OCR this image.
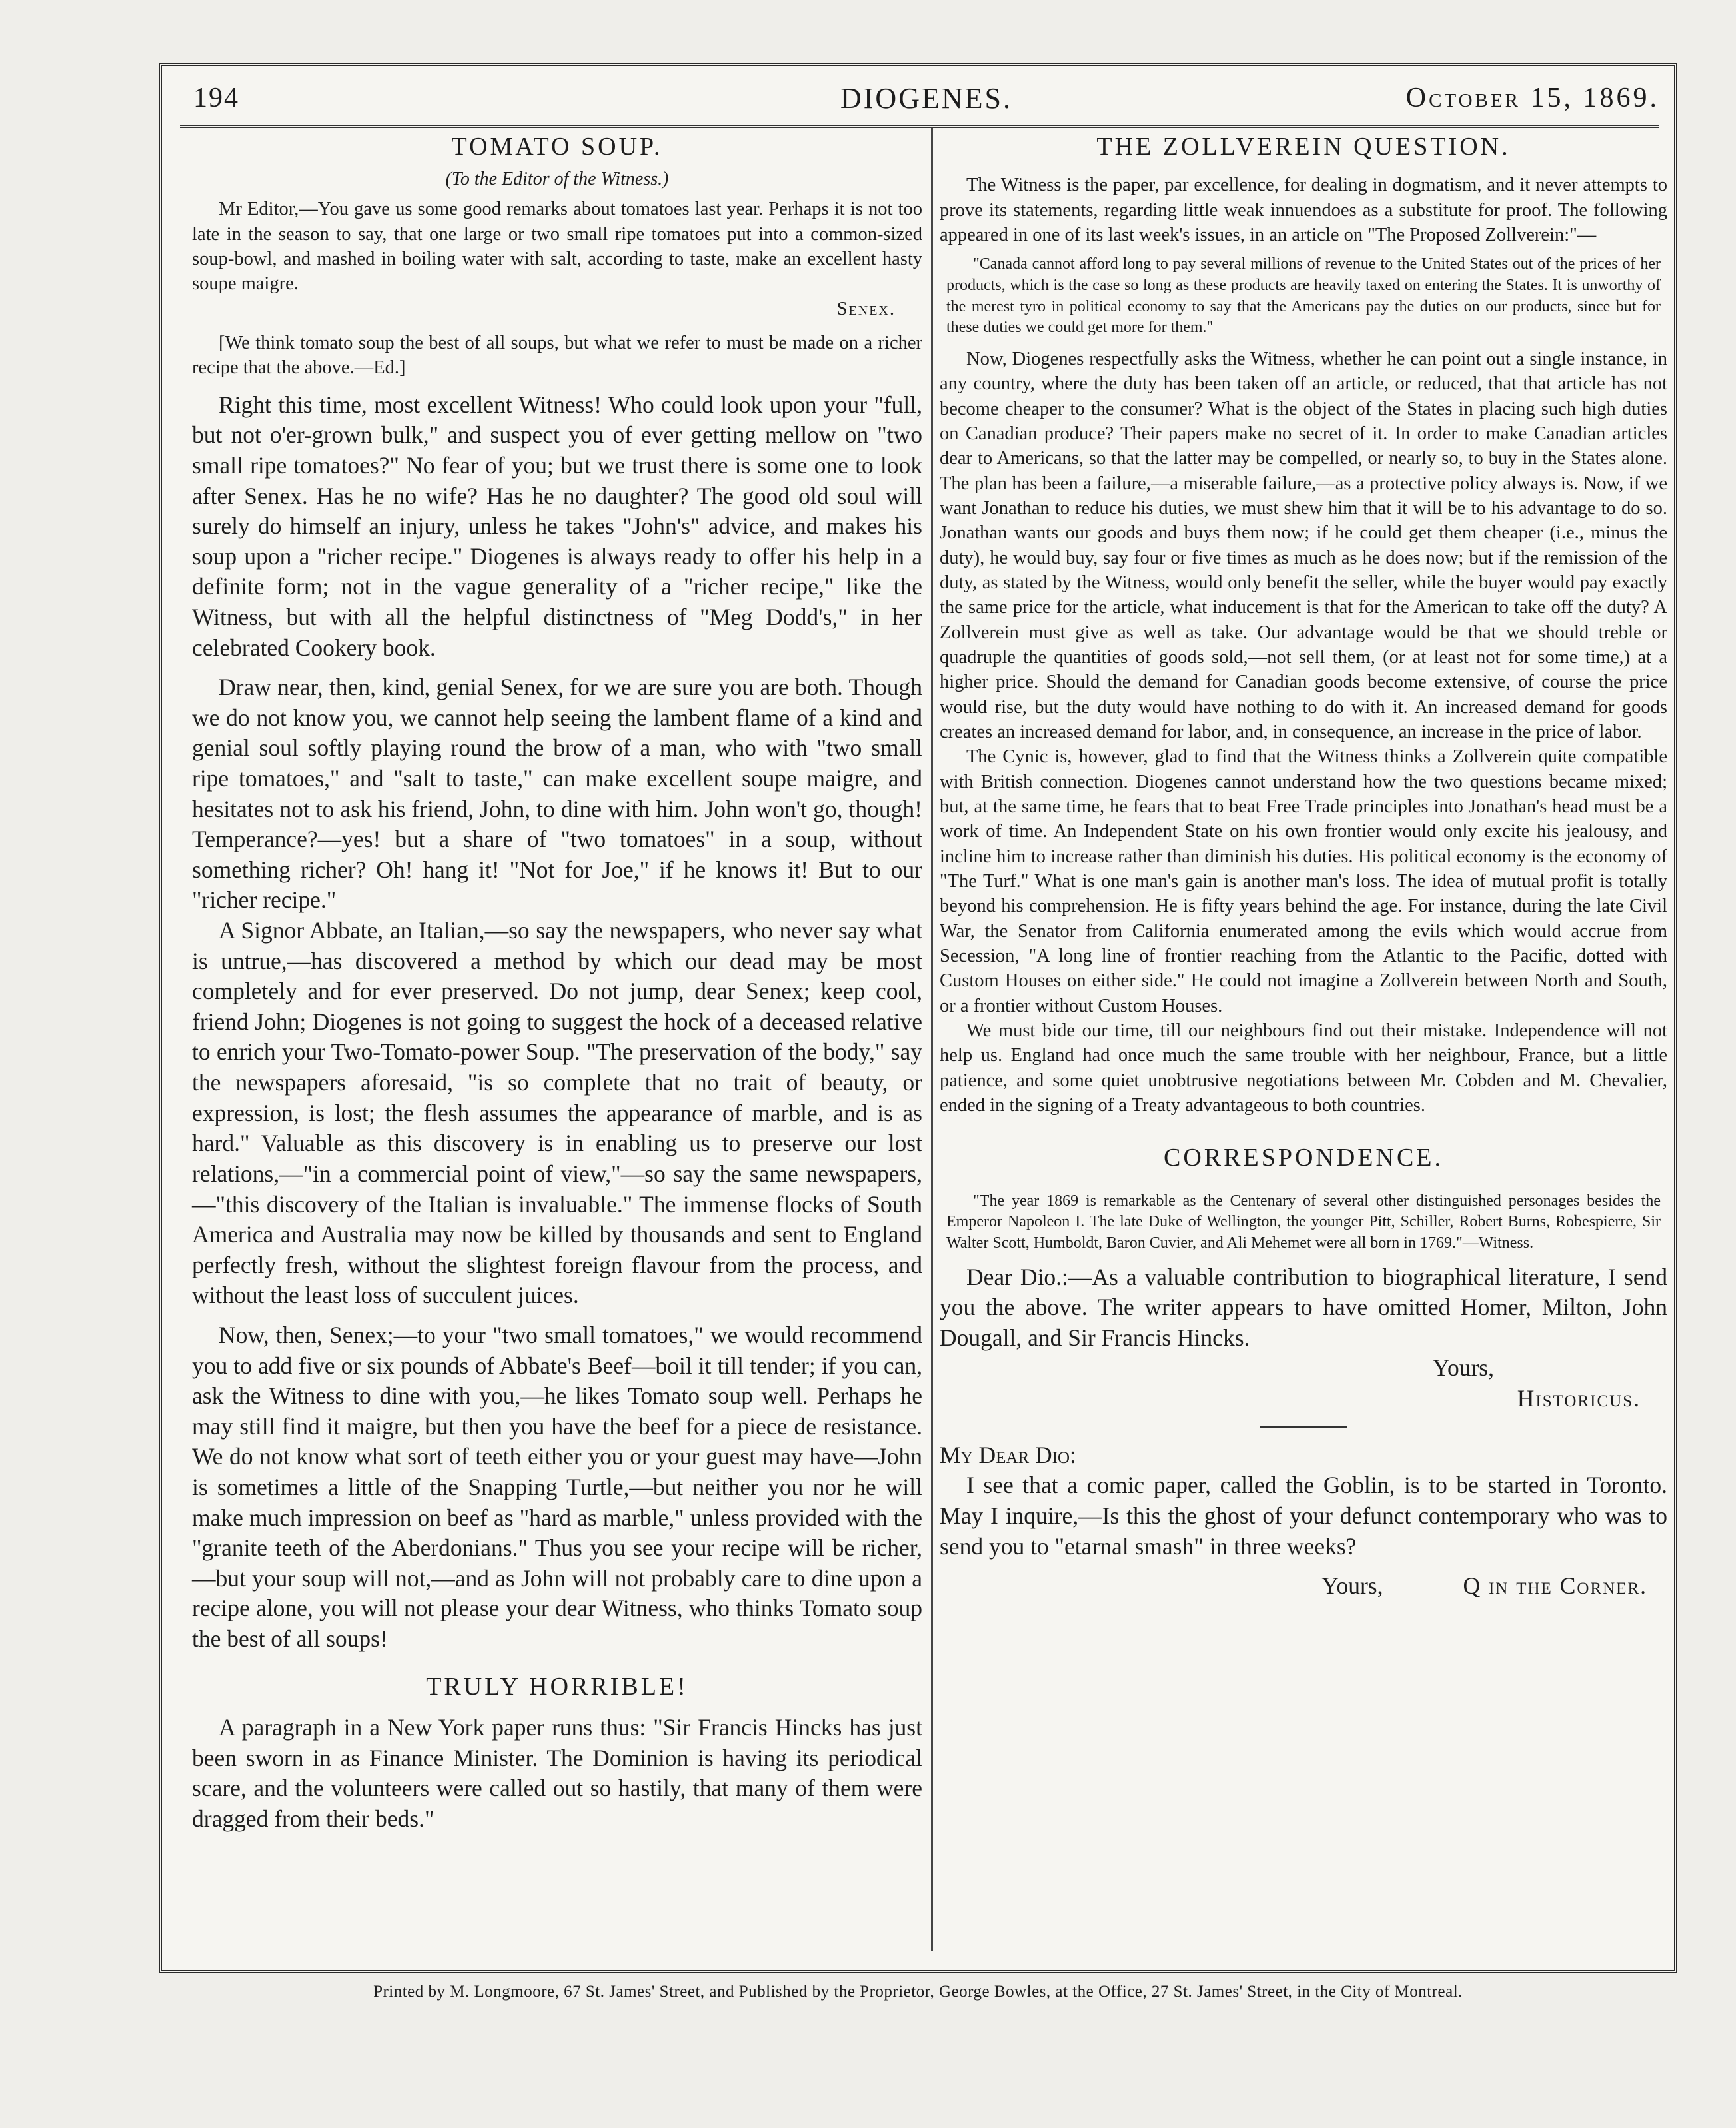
194	DIOGENES.	October 15, 1869.
TOMATO SOUP.
(To the Editor of the Witness.)

Mr Editor,—You gave us some good remarks about tomatoes last year. Perhaps it is not too late in the season to say, that one large or two small ripe tomatoes put into a common-sized soup-bowl, and mashed in boiling water with salt, according to taste, make an excellent hasty soupe maigre.

Senex.

[We think tomato soup the best of all soups, but what we refer to must be made on a richer recipe that the above.—Ed.]

Right this time, most excellent Witness! Who could look upon your "full, but not o'er-grown bulk," and suspect you of ever getting mellow on "two small ripe tomatoes?" No fear of you; but we trust there is some one to look after Senex. Has he no wife? Has he no daughter? The good old soul will surely do himself an injury, unless he takes "John's" advice, and makes his soup upon a "richer recipe." Diogenes is always ready to offer his help in a definite form; not in the vague generality of a "richer recipe," like the Witness, but with all the helpful distinctness of "Meg Dodd's," in her celebrated Cookery book.

Draw near, then, kind, genial Senex, for we are sure you are both. Though we do not know you, we cannot help seeing the lambent flame of a kind and genial soul softly playing round the brow of a man, who with "two small ripe tomatoes," and "salt to taste," can make excellent soupe maigre, and hesitates not to ask his friend, John, to dine with him. John won't go, though! Temperance?—yes! but a share of "two tomatoes" in a soup, without something richer? Oh! hang it! "Not for Joe," if he knows it! But to our "richer recipe."

A Signor Abbate, an Italian,—so say the newspapers, who never say what is untrue,—has discovered a method by which our dead may be most completely and for ever preserved. Do not jump, dear Senex; keep cool, friend John; Diogenes is not going to suggest the hock of a deceased relative to enrich your Two-Tomato-power Soup. "The preservation of the body," say the newspapers aforesaid, "is so complete that no trait of beauty, or expression, is lost; the flesh assumes the appearance of marble, and is as hard." Valuable as this discovery is in enabling us to preserve our lost relations,—"in a commercial point of view,"—so say the same newspapers,—"this discovery of the Italian is invaluable." The immense flocks of South America and Australia may now be killed by thousands and sent to England perfectly fresh, without the slightest foreign flavour from the process, and without the least loss of succulent juices.

Now, then, Senex;—to your "two small tomatoes," we would recommend you to add five or six pounds of Abbate's Beef—boil it till tender; if you can, ask the Witness to dine with you,—he likes Tomato soup well. Perhaps he may still find it maigre, but then you have the beef for a piece de resistance. We do not know what sort of teeth either you or your guest may have—John is sometimes a little of the Snapping Turtle,—but neither you nor he will make much impression on beef as "hard as marble," unless provided with the "granite teeth of the Aberdonians." Thus you see your recipe will be richer,—but your soup will not,—and as John will not probably care to dine upon a recipe alone, you will not please your dear Witness, who thinks Tomato soup the best of all soups!

TRULY HORRIBLE!

A paragraph in a New York paper runs thus: "Sir Francis Hincks has just been sworn in as Finance Minister. The Dominion is having its periodical scare, and the volunteers were called out so hastily, that many of them were dragged from their beds."

THE ZOLLVEREIN QUESTION.

The Witness is the paper, par excellence, for dealing in dogmatism, and it never attempts to prove its statements, regarding little weak innuendoes as a substitute for proof. The following appeared in one of its last week's issues, in an article on "The Proposed Zollverein:"—

"Canada cannot afford long to pay several millions of revenue to the United States out of the prices of her products, which is the case so long as these products are heavily taxed on entering the States. It is unworthy of the merest tyro in political economy to say that the Americans pay the duties on our products, since but for these duties we could get more for them."

Now, Diogenes respectfully asks the Witness, whether he can point out a single instance, in any country, where the duty has been taken off an article, or reduced, that that article has not become cheaper to the consumer? What is the object of the States in placing such high duties on Canadian produce? Their papers make no secret of it. In order to make Canadian articles dear to Americans, so that the latter may be compelled, or nearly so, to buy in the States alone. The plan has been a failure,—a miserable failure,—as a protective policy always is. Now, if we want Jonathan to reduce his duties, we must shew him that it will be to his advantage to do so. Jonathan wants our goods and buys them now; if he could get them cheaper (i.e., minus the duty), he would buy, say four or five times as much as he does now; but if the remission of the duty, as stated by the Witness, would only benefit the seller, while the buyer would pay exactly the same price for the article, what inducement is that for the American to take off the duty? A Zollverein must give as well as take. Our advantage would be that we should treble or quadruple the quantities of goods sold,—not sell them, (or at least not for some time,) at a higher price. Should the demand for Canadian goods become extensive, of course the price would rise, but the duty would have nothing to do with it. An increased demand for goods creates an increased demand for labor, and, in consequence, an increase in the price of labor.

The Cynic is, however, glad to find that the Witness thinks a Zollverein quite compatible with British connection. Diogenes cannot understand how the two questions became mixed; but, at the same time, he fears that to beat Free Trade principles into Jonathan's head must be a work of time. An Independent State on his own frontier would only excite his jealousy, and incline him to increase rather than diminish his duties. His political economy is the economy of "The Turf." What is one man's gain is another man's loss. The idea of mutual profit is totally beyond his comprehension. He is fifty years behind the age. For instance, during the late Civil War, the Senator from California enumerated among the evils which would accrue from Secession, "A long line of frontier reaching from the Atlantic to the Pacific, dotted with Custom Houses on either side." He could not imagine a Zollverein between North and South, or a frontier without Custom Houses.

We must bide our time, till our neighbours find out their mistake. Independence will not help us. England had once much the same trouble with her neighbour, France, but a little patience, and some quiet unobtrusive negotiations between Mr. Cobden and M. Chevalier, ended in the signing of a Treaty advantageous to both countries.

CORRESPONDENCE.

"The year 1869 is remarkable as the Centenary of several other distinguished personages besides the Emperor Napoleon I. The late Duke of Wellington, the younger Pitt, Schiller, Robert Burns, Robespierre, Sir Walter Scott, Humboldt, Baron Cuvier, and Ali Mehemet were all born in 1769."—Witness.

Dear Dio.:—As a valuable contribution to biographical literature, I send you the above. The writer appears to have omitted Homer, Milton, John Dougall, and Sir Francis Hincks.

Yours,
Historicus.

My Dear Dio:

I see that a comic paper, called the Goblin, is to be started in Toronto. May I inquire,—Is this the ghost of your defunct contemporary who was to send you to "etarnal smash" in three weeks?

Yours,	Q in the Corner.
Printed by M. Longmoore, 67 St. James' Street, and Published by the Proprietor, George Bowles, at the Office, 27 St. James' Street, in the City of Montreal.
